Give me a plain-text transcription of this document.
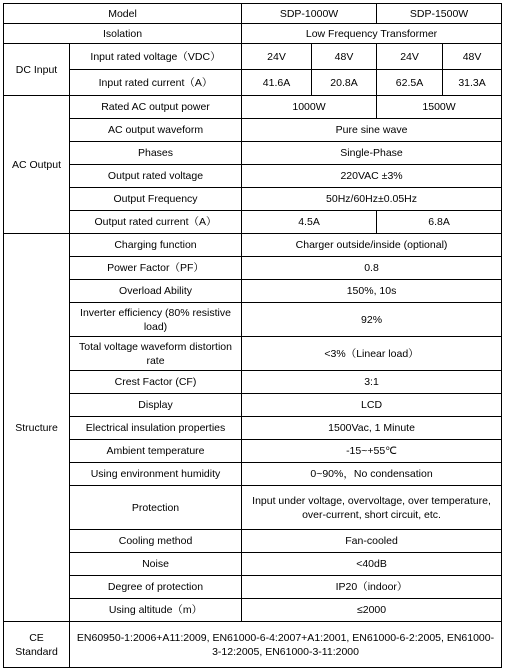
Model		SDP-1000W		SDP-1500W	
Isolation		Low Frequency Transformer			
DC Input	Input rated voltage（VDC）	24V	48V	24V	48V
	Input rated current（A）	41.6A	20.8A	62.5A	31.3A
AC Output	Rated AC output power	1000W		1500W	
	AC output waveform	Pure sine wave			
	Phases	Single-Phase			
	Output rated voltage	220VAC ±3%			
	Output Frequency	50Hz/60Hz±0.05Hz			
	Output rated current（A）	4.5A		6.8A	
Structure	Charging function	Charger outside/inside (optional)			
	Power Factor（PF）	0.8			
	Overload Ability	150%, 10s			
	Inverter efficiency (80% resistive load)	92%			
	Total voltage waveform distortion rate	<3%（Linear load）			
	Crest Factor (CF)	3:1			
	Display	LCD			
	Electrical insulation properties	1500Vac, 1 Minute			
	Ambient temperature	-15~+55℃			
	Using environment humidity	0~90%，No condensation			
	Protection	Input under voltage, overvoltage, over temperature, over-current, short circuit, etc.			
	Cooling method	Fan-cooled			
	Noise	<40dB			
	Degree of protection	IP20（indoor）			
	Using altitude（m）	≤2000			
CE Standard	EN60950-1:2006+A11:2009, EN61000-6-4:2007+A1:2001, EN61000-6-2:2005, EN61000-3-12:2005, EN61000-3-11:2000				
